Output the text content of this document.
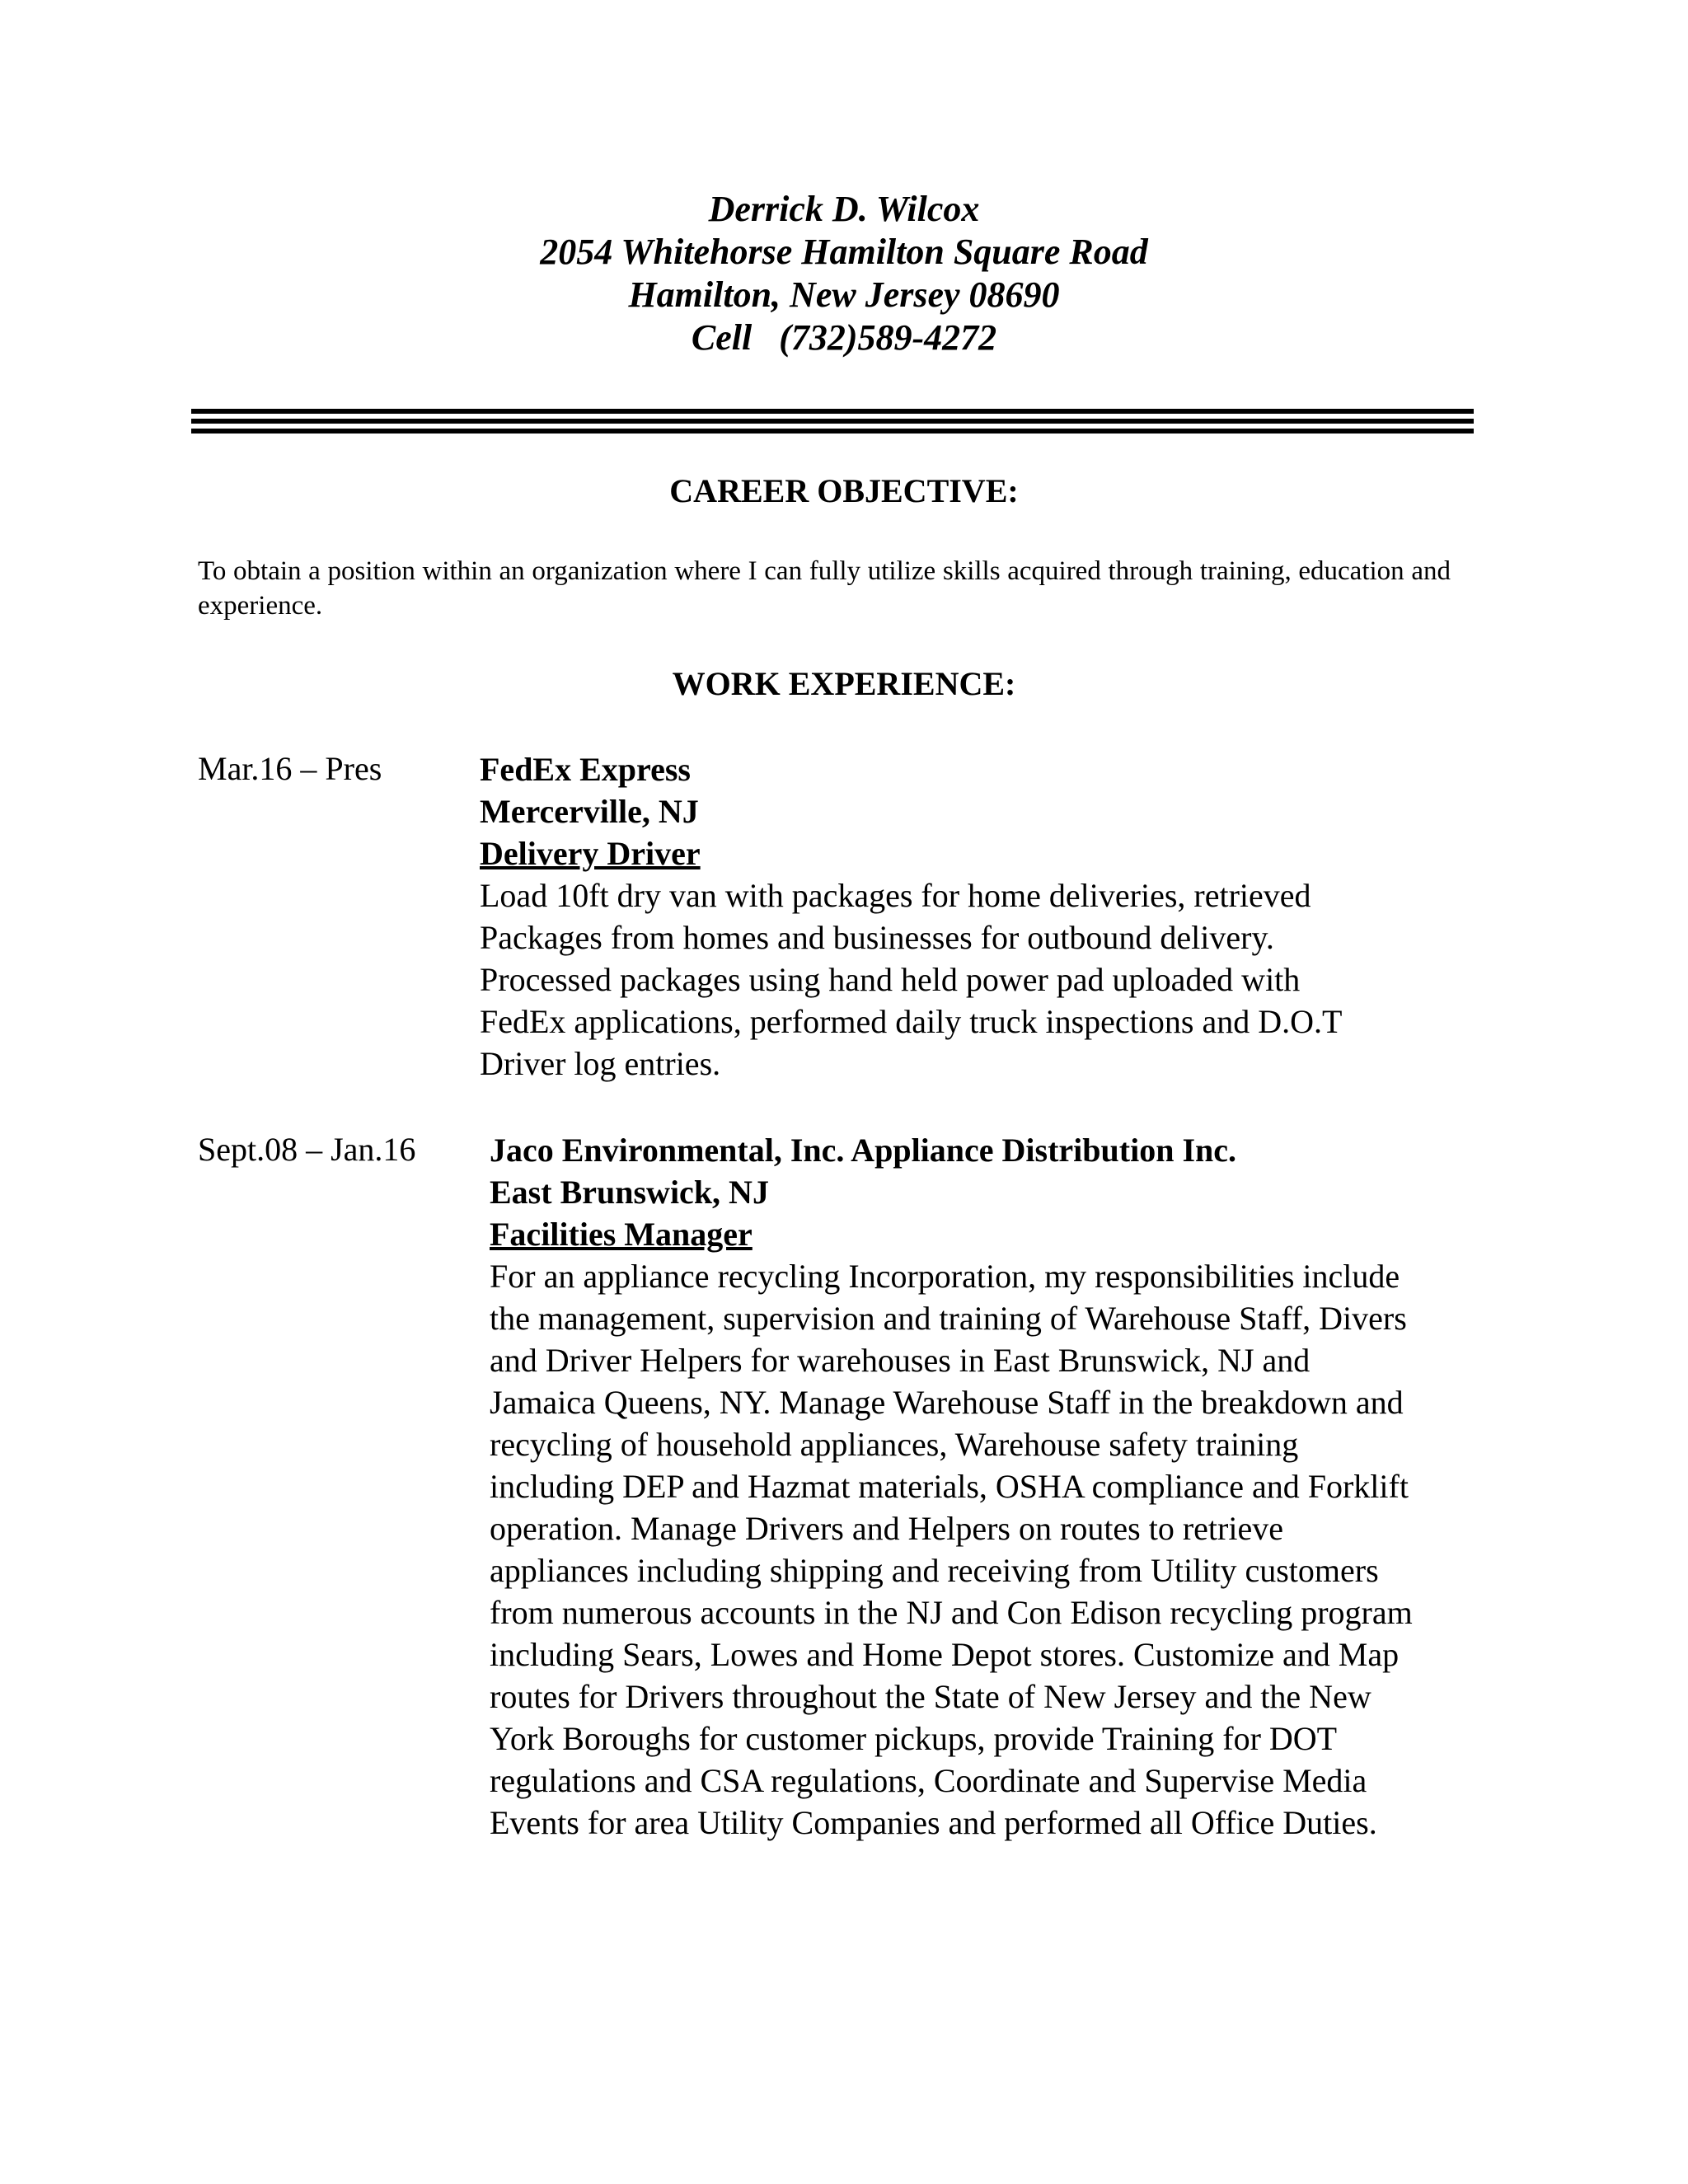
Derrick D. Wilcox
2054 Whitehorse Hamilton Square Road
Hamilton, New Jersey 08690
Cell   (732)589-4272
CAREER OBJECTIVE:
To obtain a position within an organization where I can fully utilize skills acquired through training, education and experience.
WORK EXPERIENCE:
Mar.16 – Pres	FedEx Express
Mercerville, NJ
Delivery Driver
Load 10ft dry van with packages for home deliveries, retrieved
Packages from homes and businesses for outbound delivery.
Processed packages using hand held power pad uploaded with
FedEx applications, performed daily truck inspections and D.O.T
Driver log entries.
Sept.08 – Jan.16 Jaco Environmental, Inc. Appliance Distribution Inc.
East Brunswick, NJ
Facilities Manager
For an appliance recycling Incorporation, my responsibilities include
the management, supervision and training of Warehouse Staff, Divers
and Driver Helpers for warehouses in East Brunswick, NJ and
Jamaica Queens, NY. Manage Warehouse Staff in the breakdown and
recycling of household appliances, Warehouse safety training
including DEP and Hazmat materials, OSHA compliance and Forklift
operation. Manage Drivers and Helpers on routes to retrieve
appliances including shipping and receiving from Utility customers
from numerous accounts in the NJ and Con Edison recycling program
including Sears, Lowes and Home Depot stores. Customize and Map
routes for Drivers throughout the State of New Jersey and the New
York Boroughs for customer pickups, provide Training for DOT
regulations and CSA regulations, Coordinate and Supervise Media
Events for area Utility Companies and performed all Office Duties.
